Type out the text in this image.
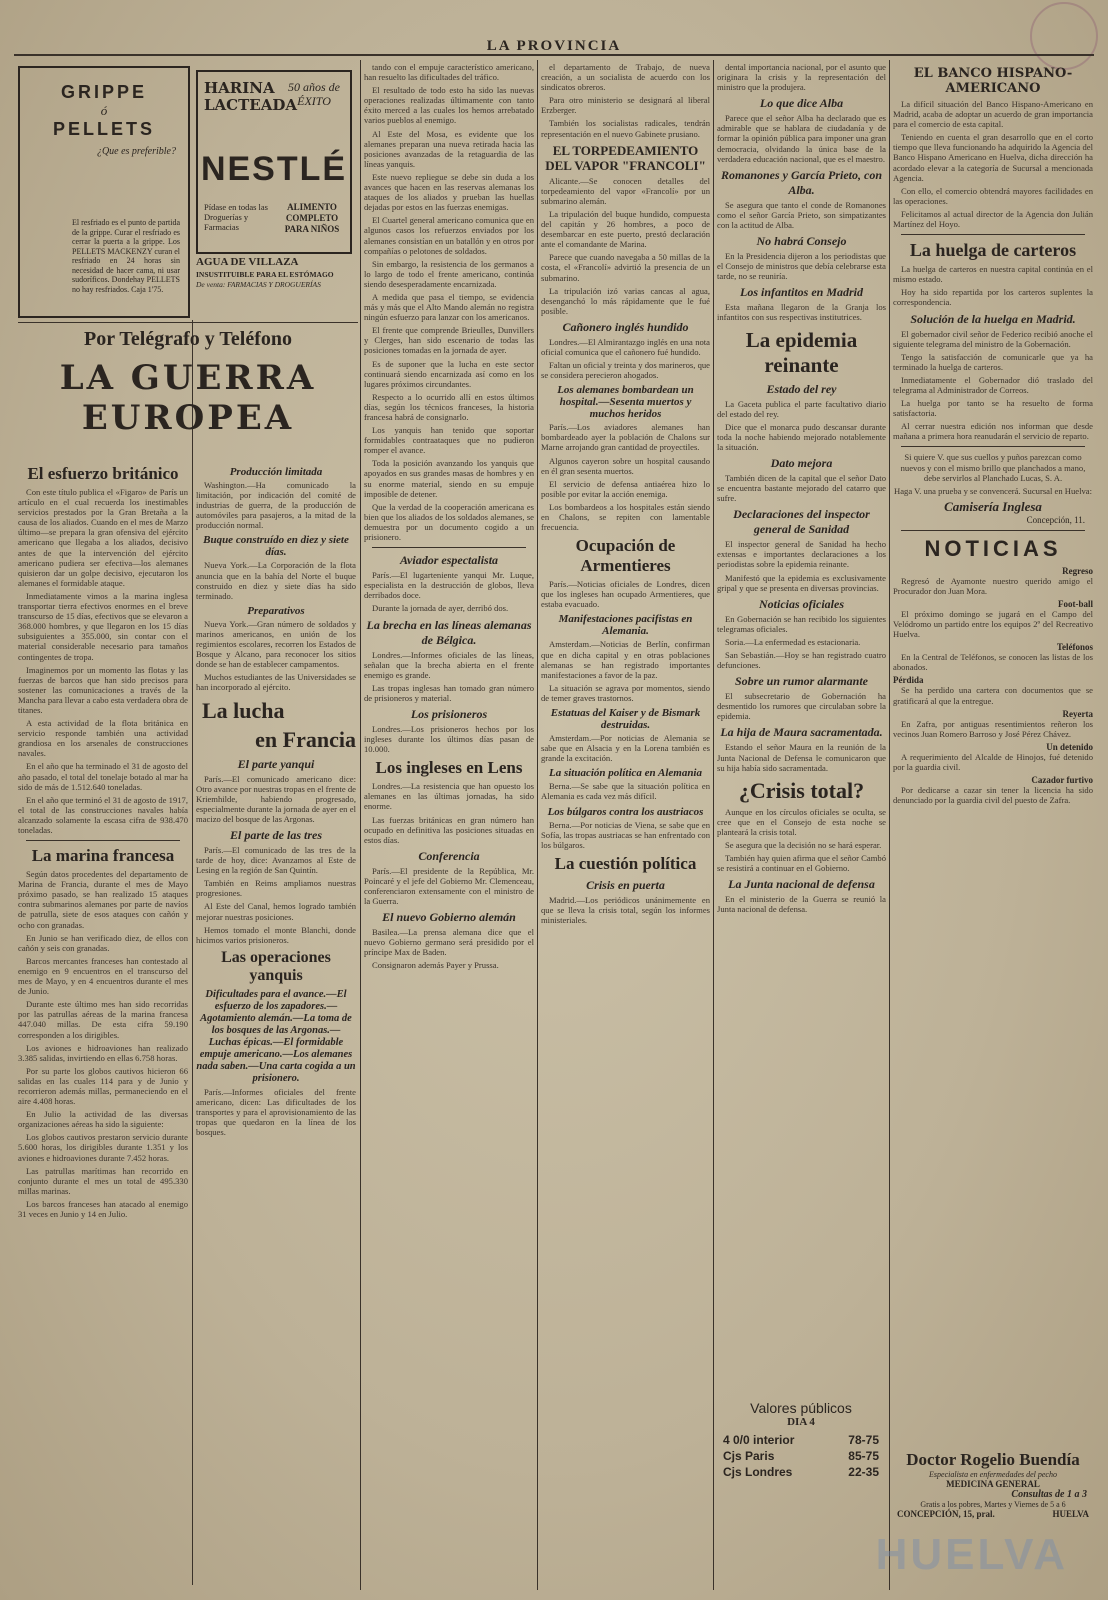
LA PROVINCIA
GRIPPE
ó
PELLETS
¿Que es preferible?
El resfriado es el punto de partida de la grippe. Curar el resfriado es cerrar la puerta a la grippe. Los PELLETS MACKENZY curan el resfriado en 24 horas sin necesidad de hacer cama, ni usar sudoríficos. Dondehay PELLETS no hay resfriados. Caja 1'75.
HARINA LACTEADA
50 años de ÉXITO
NESTLÉ
Pídase en todas las Droguerías y Farmacias
ALIMENTO COMPLETO PARA NIÑOS
AGUA DE VILLAZA
INSUSTITUIBLE PARA EL ESTÓMAGO
De venta: FARMACIAS Y DROGUERÍAS
Por Telégrafo y Teléfono
LA GUERRA
EUROPEA
El esfuerzo británico

Con este título publica el «Figaro» de París un artículo en el cual recuerda los inestimables servicios prestados por la Gran Bretaña a la causa de los aliados. Cuando en el mes de Marzo último—se prepara la gran ofensiva del ejército americano que llegaba a los aliados, decisivo antes de que la intervención del ejército americano pudiera ser efectiva—los alemanes quisieron dar un golpe decisivo, ejecutaron los alemanes el formidable ataque.

Inmediatamente vimos a la marina inglesa transportar tierra efectivos enormes en el breve transcurso de 15 días, efectivos que se elevaron a 368.000 hombres, y que llegaron en los 15 días subsiguientes a 355.000, sin contar con el material considerable necesario para tamaños contingentes de tropa.

Imaginemos por un momento las flotas y las fuerzas de barcos que han sido precisos para sostener las comunicaciones a través de la Mancha para llevar a cabo esta verdadera obra de titanes.

A esta actividad de la flota británica en servicio responde también una actividad grandiosa en los arsenales de construcciones navales.

En el año que ha terminado el 31 de agosto del año pasado, el total del tonelaje botado al mar ha sido de más de 1.512.640 toneladas.

En el año que terminó el 31 de agosto de 1917, el total de las construcciones navales había alcanzado solamente la escasa cifra de 938.470 toneladas.

La marina francesa

Según datos procedentes del departamento de Marina de Francia, durante el mes de Mayo próximo pasado, se han realizado 15 ataques contra submarinos alemanes por parte de navíos de patrulla, siete de esos ataques con cañón y ocho con granadas.

En Junio se han verificado diez, de ellos con cañón y seis con granadas.

Barcos mercantes franceses han contestado al enemigo en 9 encuentros en el transcurso del mes de Mayo, y en 4 encuentros durante el mes de Junio.

Durante este último mes han sido recorridas por las patrullas aéreas de la marina francesa 447.040 millas. De esta cifra 59.190 corresponden a los dirigibles.

Los aviones e hidroaviones han realizado 3.385 salidas, invirtiendo en ellas 6.758 horas.

Por su parte los globos cautivos hicieron 66 salidas en las cuales 114 para y de Junio y recorrieron además millas, permaneciendo en el aire 4.408 horas.

En Julio la actividad de las diversas organizaciones aéreas ha sido la siguiente:

Los globos cautivos prestaron servicio durante 5.600 horas, los dirigibles durante 1.351 y los aviones e hidroaviones durante 7.452 horas.

Las patrullas marítimas han recorrido en conjunto durante el mes un total de 495.330 millas marinas.

Los barcos franceses han atacado al enemigo 31 veces en Junio y 14 en Julio.

tando con el empuje característico americano, han resuelto las dificultades del tráfico.

El resultado de todo esto ha sido las nuevas operaciones realizadas últimamente con tanto éxito merced a las cuales los hemos arrebatado varios pueblos al enemigo.

Al Este del Mosa, es evidente que los alemanes preparan una nueva retirada hacia las posiciones avanzadas de la retaguardia de las líneas yanquis.

Este nuevo repliegue se debe sin duda a los avances que hacen en las reservas alemanas los ataques de los aliados y prueban las huellas dejadas por estos en las fuerzas enemigas.

El Cuartel general americano comunica que en algunos casos los refuerzos enviados por los alemanes consistían en un batallón y en otros por compañías o pelotones de soldados.

Sin embargo, la resistencia de los germanos a lo largo de todo el frente americano, continúa siendo desesperadamente encarnizada.

A medida que pasa el tiempo, se evidencia más y más que el Alto Mando alemán no registra ningún esfuerzo para lanzar con los americanos.

El frente que comprende Brieulles, Dunvillers y Clerges, han sido escenario de todas las posiciones tomadas en la jornada de ayer.

Es de suponer que la lucha en este sector continuará siendo encarnizada así como en los lugares próximos circundantes.

Respecto a lo ocurrido allí en estos últimos días, según los técnicos franceses, la historia francesa habrá de consignarlo.

Los yanquis han tenido que soportar formidables contraataques que no pudieron romper el avance.

Toda la posición avanzando los yanquis que apoyados en sus grandes masas de hombres y en su enorme material, siendo en su empuje imposible de detener.

Que la verdad de la cooperación americana es bien que los aliados de los soldados alemanes, se demuestra por un documento cogido a un prisionero.

Aviador espectalista

París.—El lugarteniente yanqui Mr. Luque, especialista en la destrucción de globos, lleva derribados doce.

Durante la jornada de ayer, derribó dos.

La brecha en las líneas alemanas de Bélgica.

Londres.—Informes oficiales de las líneas, señalan que la brecha abierta en el frente enemigo es grande.

Las tropas inglesas han tomado gran número de prisioneros y material.

Los prisioneros

Londres.—Los prisioneros hechos por los ingleses durante los últimos días pasan de 10.000.

Los ingleses en Lens

Londres.—La resistencia que han opuesto los alemanes en las últimas jornadas, ha sido enorme.

Las fuerzas británicas en gran número han ocupado en definitiva las posiciones situadas en estos días.

Conferencia

París.—El presidente de la República, Mr. Poincaré y el jefe del Gobierno Mr. Clemenceau, conferenciaron extensamente con el ministro de la Guerra.

El nuevo Gobierno alemán

Basilea.—La prensa alemana dice que el nuevo Gobierno germano será presidido por el príncipe Max de Baden.

Consignaron además Payer y Prussa.

Producción limitada

Washington.—Ha comunicado la limitación, por indicación del comité de industrias de guerra, de la producción de automóviles para pasajeros, a la mitad de la producción normal.

Buque construído en diez y siete días.

Nueva York.—La Corporación de la flota anuncia que en la bahía del Norte el buque construido en diez y siete días ha sido terminado.

Preparativos

Nueva York.—Gran número de soldados y marinos americanos, en unión de los regimientos escolares, recorren los Estados de Bosque y Alcano, para reconocer los sitios donde se han de establecer campamentos.

Muchos estudiantes de las Universidades se han incorporado al ejército.

La lucha
en Francia
El parte yanqui

París.—El comunicado americano dice: Otro avance por nuestras tropas en el frente de Kriemhilde, habiendo progresado, especialmente durante la jornada de ayer en el macizo del bosque de las Argonas.

El parte de las tres

París.—El comunicado de las tres de la tarde de hoy, dice: Avanzamos al Este de Lesing en la región de San Quintín.

También en Reims ampliamos nuestras progresiones.

Al Este del Canal, hemos logrado también mejorar nuestras posiciones.

Hemos tomado el monte Blanchi, donde hicimos varios prisioneros.

Las operaciones yanquis
Dificultades para el avance.—El esfuerzo de los zapadores.—Agotamiento alemán.—La toma de los bosques de las Argonas.—Luchas épicas.—El formidable empuje americano.—Los alemanes nada saben.—Una carta cogida a un prisionero.

París.—Informes oficiales del frente americano, dicen: Las dificultades de los transportes y para el aprovisionamiento de las tropas que quedaron en la línea de los bosques.

el departamento de Trabajo, de nueva creación, a un socialista de acuerdo con los sindicatos obreros.

Para otro ministerio se designará al liberal Erzberger.

También los socialistas radicales, tendrán representación en el nuevo Gabinete prusiano.

EL TORPEDEAMIENTO DEL VAPOR "FRANCOLI"

Alicante.—Se conocen detalles del torpedeamiento del vapor «Francolí» por un submarino alemán.

La tripulación del buque hundido, compuesta del capitán y 26 hombres, a poco de desembarcar en este puerto, prestó declaración ante el comandante de Marina.

Parece que cuando navegaba a 50 millas de la costa, el «Francolí» advirtió la presencia de un submarino.

La tripulación izó varias cancas al agua, desenganchó lo más rápidamente que le fué posible.

Cañonero inglés hundido

Londres.—El Almirantazgo inglés en una nota oficial comunica que el cañonero fué hundido.

Faltan un oficial y treinta y dos marineros, que se considera perecieron ahogados.

Los alemanes bombardean un hospital.—Sesenta muertos y muchos heridos

París.—Los aviadores alemanes han bombardeado ayer la población de Chalons sur Marne arrojando gran cantidad de proyectiles.

Algunos cayeron sobre un hospital causando en él gran sesenta muertos.

El servicio de defensa antiaérea hizo lo posible por evitar la acción enemiga.

Los bombardeos a los hospitales están siendo en Chalons, se repiten con lamentable frecuencia.

Ocupación de Armentieres

París.—Noticias oficiales de Londres, dicen que los ingleses han ocupado Armentieres, que estaba evacuado.

Manifestaciones pacifistas en Alemania.

Amsterdam.—Noticias de Berlín, confirman que en dicha capital y en otras poblaciones alemanas se han registrado importantes manifestaciones a favor de la paz.

La situación se agrava por momentos, siendo de temer graves trastornos.

Estatuas del Kaiser y de Bismark destruidas.

Amsterdam.—Por noticias de Alemania se sabe que en Alsacia y en la Lorena también es grande la excitación.

La situación política en Alemania

Berna.—Se sabe que la situación política en Alemania es cada vez más difícil.

Los búlgaros contra los austriacos

Berna.—Por noticias de Viena, se sabe que en Sofía, las tropas austriacas se han enfrentado con los búlgaros.

La cuestión política
Crisis en puerta

Madrid.—Los periódicos unánimemente en que se lleva la crisis total, según los informes ministeriales.

dental importancia nacional, por el asunto que originara la crisis y la representación del ministro que la produjera.

Lo que dice Alba

Parece que el señor Alba ha declarado que es admirable que se hablara de ciudadanía y de formar la opinión pública para imponer una gran democracia, olvidando la única base de la verdadera educación nacional, que es el maestro.

Romanones y García Prieto, con Alba.

Se asegura que tanto el conde de Romanones como el señor García Prieto, son simpatizantes con la actitud de Alba.

No habrá Consejo

En la Presidencia dijeron a los periodistas que el Consejo de ministros que debía celebrarse esta tarde, no se reuniría.

Los infantitos en Madrid

Esta mañana llegaron de la Granja los infantitos con sus respectivas institutrices.

La epidemia reinante
Estado del rey

La Gaceta publica el parte facultativo diario del estado del rey.

Dice que el monarca pudo descansar durante toda la noche habiendo mejorado notablemente la situación.

Dato mejora

También dicen de la capital que el señor Dato se encuentra bastante mejorado del catarro que sufre.

Declaraciones del inspector general de Sanidad

El inspector general de Sanidad ha hecho extensas e importantes declaraciones a los periodistas sobre la epidemia reinante.

Manifestó que la epidemia es exclusivamente gripal y que se presenta en diversas provincias.

Noticias oficiales

En Gobernación se han recibido los siguientes telegramas oficiales.

Soria.—La enfermedad es estacionaria.

San Sebastián.—Hoy se han registrado cuatro defunciones.

Sobre un rumor alarmante

El subsecretario de Gobernación ha desmentido los rumores que circulaban sobre la epidemia.

La hija de Maura sacramentada.

Estando el señor Maura en la reunión de la Junta Nacional de Defensa le comunicaron que su hija había sido sacramentada.

¿Crisis total?

Aunque en los círculos oficiales se oculta, se cree que en el Consejo de esta noche se planteará la crisis total.

Se asegura que la decisión no se hará esperar.

También hay quien afirma que el señor Cambó se resistirá a continuar en el Gobierno.

La Junta nacional de defensa

En el ministerio de la Guerra se reunió la Junta nacional de defensa.

Valores públicos
DIA 4
4 0/0 interior	78-75
Cjs Paris	85-75
Cjs Londres	22-35
EL BANCO HISPANO-AMERICANO

La difícil situación del Banco Hispano-Americano en Madrid, acaba de adoptar un acuerdo de gran importancia para el comercio de esta capital.

Teniendo en cuenta el gran desarrollo que en el corto tiempo que lleva funcionando ha adquirido la Agencia del Banco Hispano Americano en Huelva, dicha dirección ha acordado elevar a la categoría de Sucursal a mencionada Agencia.

Con ello, el comercio obtendrá mayores facilidades en las operaciones.

Felicitamos al actual director de la Agencia don Julián Martínez del Hoyo.

La huelga de carteros

La huelga de carteros en nuestra capital continúa en el mismo estado.

Hoy ha sido repartida por los carteros suplentes la correspondencia.

Solución de la huelga en Madrid.

El gobernador civil señor de Federico recibió anoche el siguiente telegrama del ministro de la Gobernación.

Tengo la satisfacción de comunicarle que ya ha terminado la huelga de carteros.

Inmediatamente el Gobernador dió traslado del telegrama al Administrador de Correos.

La huelga por tanto se ha resuelto de forma satisfactoria.

Al cerrar nuestra edición nos informan que desde mañana a primera hora reanudarán el servicio de reparto.

Si quiere V. que sus cuellos y puños parezcan como nuevos y con el mismo brillo que planchados a mano, debe servirlos al Planchado Lucas, S. A.

Haga V. una prueba y se convencerá. Sucursal en Huelva:

Camisería Inglesa
Concepción, 11.
NOTICIAS
Regreso

Regresó de Ayamonte nuestro querido amigo el Procurador don Juan Mora.

Foot-ball

El próximo domingo se jugará en el Campo del Velódromo un partido entre los equipos 2º del Recreativo Huelva.

Teléfonos

En la Central de Teléfonos, se conocen las listas de los abonados.

Pérdida

Se ha perdido una cartera con documentos que se gratificará al que la entregue.

Reyerta

En Zafra, por antiguas resentimientos reñeron los vecinos Juan Romero Barroso y José Pérez Chávez.

Un detenido

A requerimiento del Alcalde de Hinojos, fué detenido por la guardia civil.

Cazador furtivo

Por dedicarse a cazar sin tener la licencia ha sido denunciado por la guardia civil del puesto de Zafra.

Doctor Rogelio Buendía
Especialista en enfermedades del pecho
MEDICINA GENERAL
Consultas de 1 a 3
Gratis a los pobres, Martes y Viernes de 5 a 6
CONCEPCIÓN, 15, pral.	HUELVA
HUELVA
